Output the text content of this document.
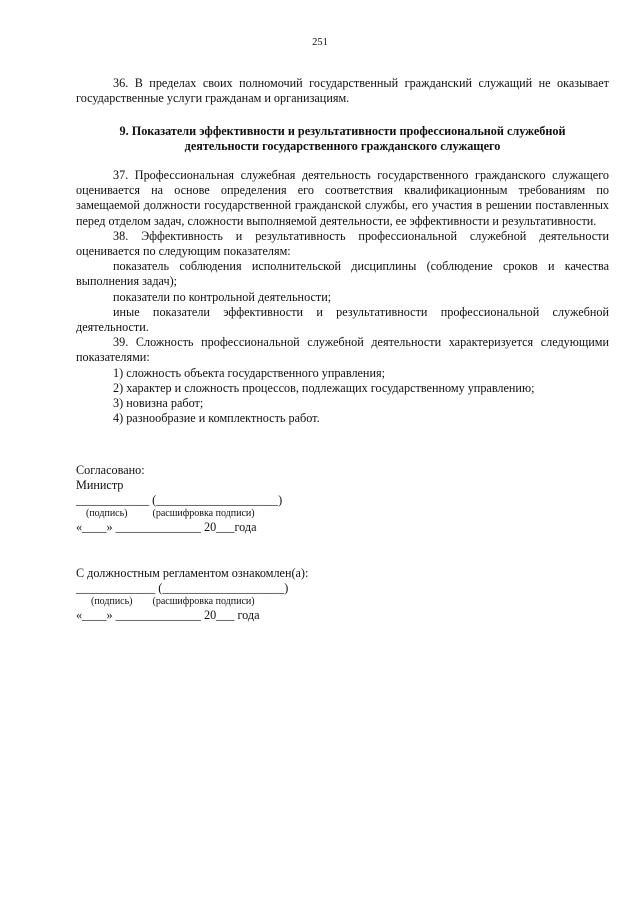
251

36. В пределах своих полномочий государственный гражданский служащий не оказывает государственные услуги гражданам и организациям.

9. Показатели эффективности и результативности профессиональной служебной
деятельности государственного гражданского служащего

37. Профессиональная служебная деятельность государственного гражданского служащего оценивается на основе определения его соответствия квалификационным требованиям по замещаемой должности государственной гражданской службы, его участия в решении поставленных перед отделом задач, сложности выполняемой деятельности, ее эффективности и результативности.

38. Эффективность и результативность профессиональной служебной деятельности оценивается по следующим показателям:

показатель соблюдения исполнительской дисциплины (соблюдение сроков и качества выполнения задач);

показатели по контрольной деятельности;

иные показатели эффективности и результативности профессиональной служебной деятельности.

39. Сложность профессиональной служебной деятельности характеризуется следующими показателями:

1) сложность объекта государственного управления;

2) характер и сложность процессов, подлежащих государственному управлению;

3) новизна работ;

4) разнообразие и комплектность работ.

Согласовано:
Министр
____________ (____________________)
(подпись)          (расшифровка подписи)
«____» ______________ 20___года
С должностным регламентом ознакомлен(а):
_____________ (____________________)
(подпись)        (расшифровка подписи)
«____» ______________ 20___ года
